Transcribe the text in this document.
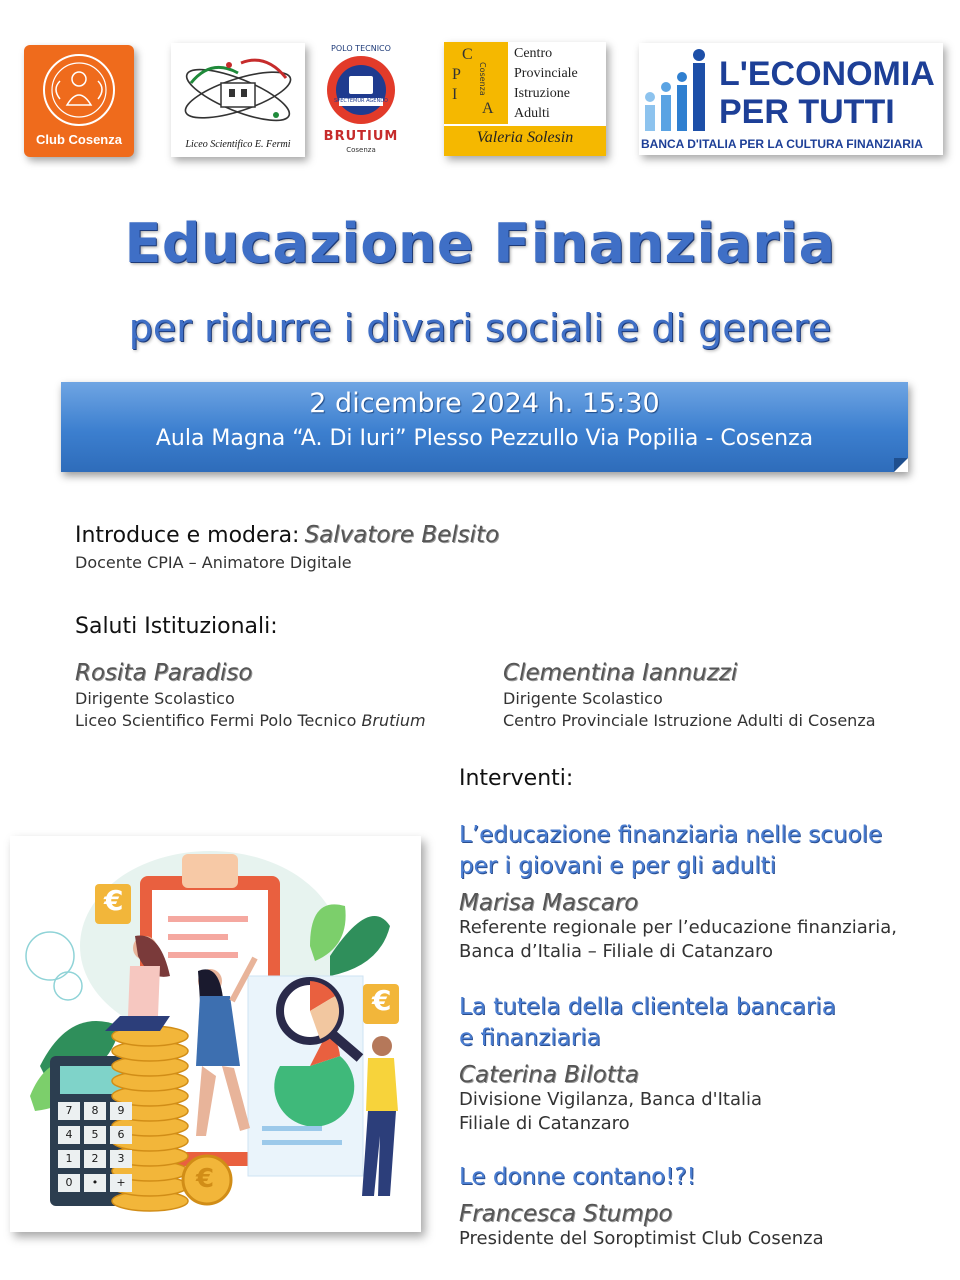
Club Cosenza	Liceo Scientifico E. Fermi
POLO TECNICO
SPECTEMUR AGENDO
BRUTIUM
Cosenza
C
P
I
A
Cosenza
Centro
Provinciale
Istruzione
Adulti
Valeria Solesin
L'ECONOMIA
PER TUTTI
BANCA D'ITALIA PER LA CULTURA FINANZIARIA
Educazione Finanziaria
per ridurre i divari sociali e di genere
2 dicembre 2024 h. 15:30
Aula Magna “A. Di Iuri” Plesso Pezzullo Via Popilia - Cosenza
Introduce e modera: Salvatore Belsito
Docente CPIA – Animatore Digitale
Saluti Istituzionali:
Rosita Paradiso
Dirigente Scolastico
Liceo Scientifico Fermi Polo Tecnico Brutium
Clementina Iannuzzi
Dirigente Scolastico
Centro Provinciale Istruzione Adulti di Cosenza
Interventi:
L’educazione finanziaria nelle scuole
per i giovani e per gli adulti
Marisa Mascaro
Referente regionale per l’educazione finanziaria,
Banca d’Italia – Filiale di Catanzaro
La tutela della clientela bancaria
e finanziaria
Caterina Bilotta
Divisione Vigilanza, Banca d'Italia
Filiale di Catanzaro
Le donne contano!?!
Francesca Stumpo
Presidente del Soroptimist Club Cosenza
€
€
€
7	8	9
4	5	6
1	2	3
0	•	+
